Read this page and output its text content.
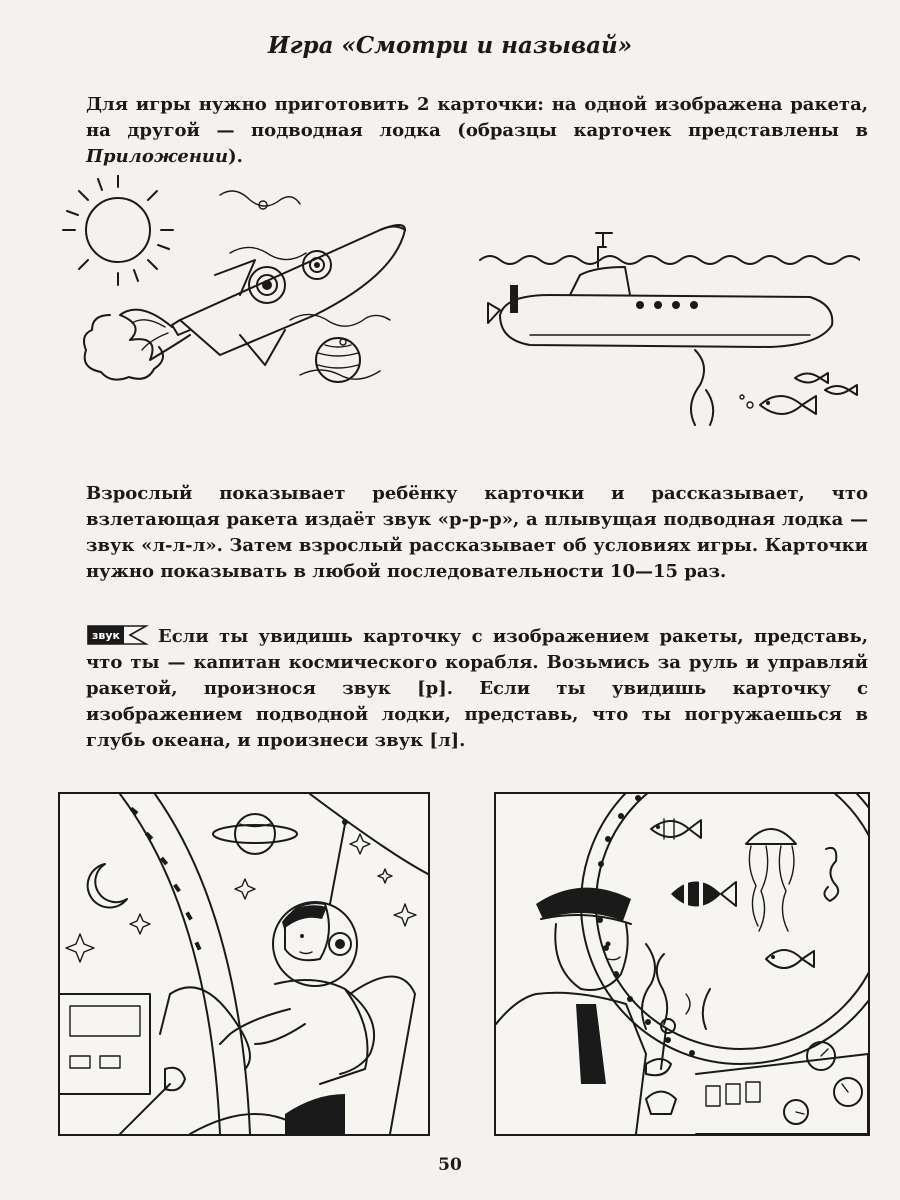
Игра «Смотри и называй»

Для игры нужно приготовить 2 карточки: на одной изображена ракета, на другой — подводная лодка (образцы карточек представлены в Приложении).

Взрослый показывает ребёнку карточки и рассказывает, что взлетающая ракета издаёт звук «р-р-р», а плывущая подводная лодка — звук «л-л-л». Затем взрослый рассказывает об условиях игры. Карточки нужно показывать в любой последовательности 10—15 раз.

звук Если ты увидишь карточку с изображением ракеты, представь, что ты — капитан космического корабля. Возьмись за руль и управляй ракетой, произнося звук [р]. Если ты увидишь карточку с изображением подводной лодки, представь, что ты погружаешься в глубь океана, и произнеси звук [л].

50
